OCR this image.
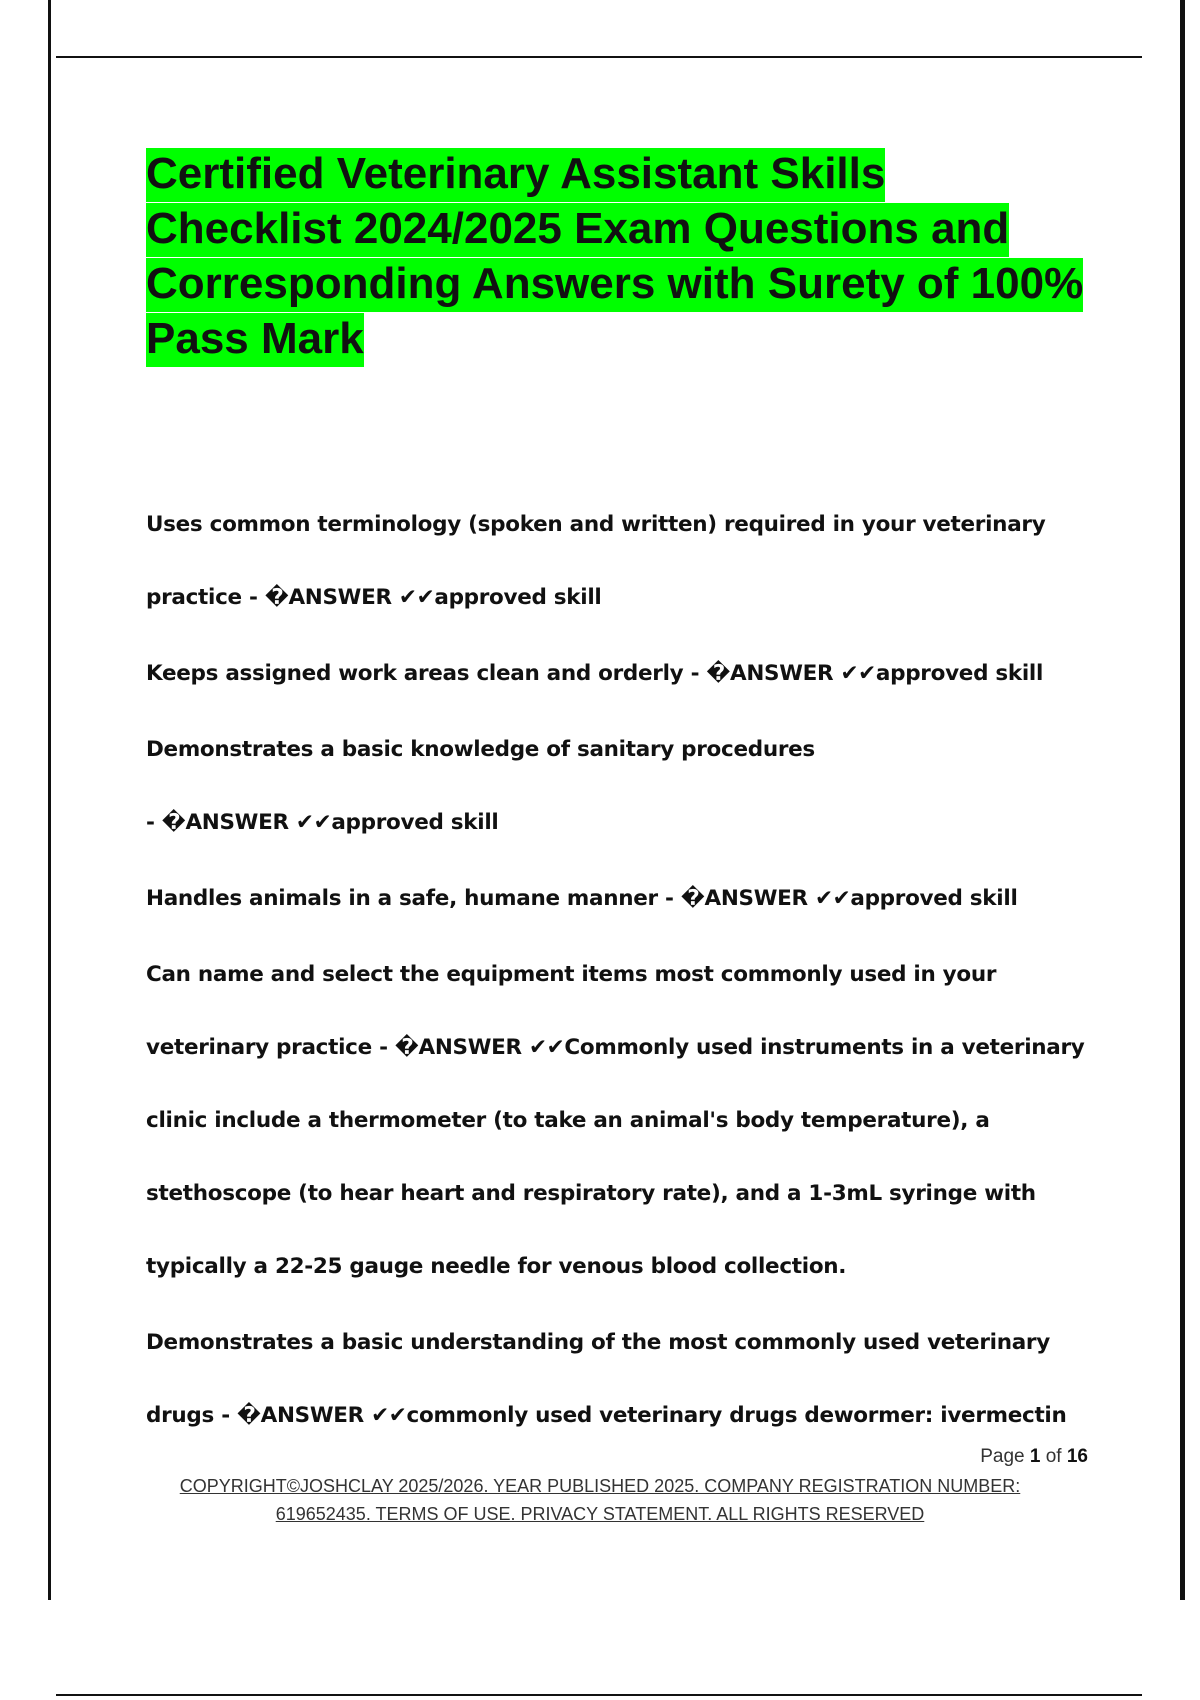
Certified Veterinary Assistant Skills Checklist 2024/2025 Exam Questions and Corresponding Answers with Surety of 100% Pass Mark

Uses common terminology (spoken and written) required in your veterinary practice - �ANSWER ✔✔approved skill

Keeps assigned work areas clean and orderly - �ANSWER ✔✔approved skill

Demonstrates a basic knowledge of sanitary procedures - �ANSWER ✔✔approved skill

Handles animals in a safe, humane manner - �ANSWER ✔✔approved skill

Can name and select the equipment items most commonly used in your veterinary practice - �ANSWER ✔✔Commonly used instruments in a veterinary clinic include a thermometer (to take an animal's body temperature), a stethoscope (to hear heart and respiratory rate), and a 1-3mL syringe with typically a 22-25 gauge needle for venous blood collection.

Demonstrates a basic understanding of the most commonly used veterinary drugs - �ANSWER ✔✔commonly used veterinary drugs dewormer: ivermectin

Page 1 of 16
COPYRIGHT©JOSHCLAY 2025/2026. YEAR PUBLISHED 2025. COMPANY REGISTRATION NUMBER: 619652435. TERMS OF USE. PRIVACY STATEMENT. ALL RIGHTS RESERVED
